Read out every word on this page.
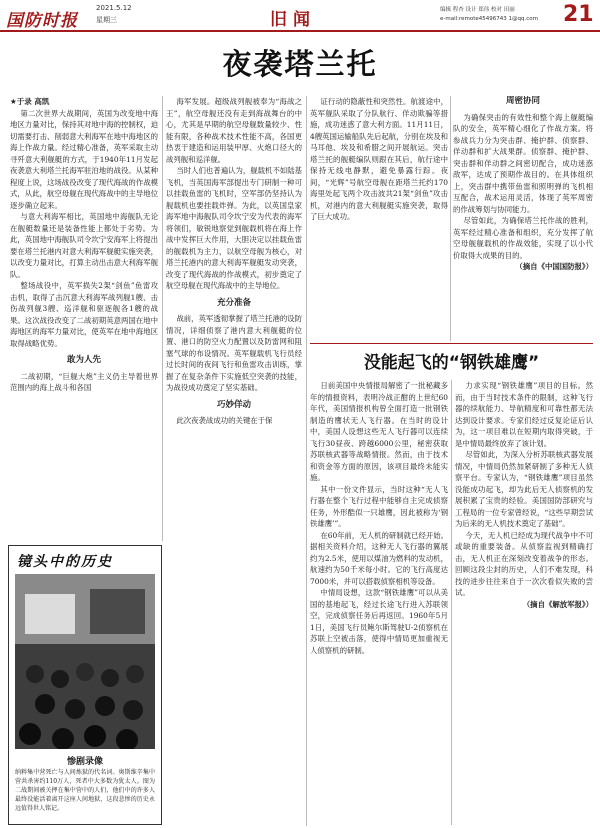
国防时报
2021.5.12
星期三	旧闻	编辑 程杏 设计 郑伟 校对 田丽
e-mail:remote45496743 1@qq.com	21
夜袭塔兰托
★于录 高凯

第二次世界大战期间，英国为改变地中海地区力量对比，保持其对地中海的控制权，迫切需要打击、削弱意大利海军在地中海地区的海上作战力量。经过精心准备，英军采取主动寻歼意大利舰艇的方式，于1940年11月发起夜袭意大利塔兰托海军驻泊地的战役。从某种程度上说，这场战役改变了现代海战的作战模式，从此，航空母舰在现代海战中的主导地位逐步确立起来。

与意大利海军相比，英国地中海舰队无论在舰艇数量还是装备性能上都处于劣势。为此，英国地中海舰队司令坎宁安海军上将提出要在塔兰托港内对意大利海军舰艇实施突袭，以改变力量对比，打算主动出击意大利海军舰队。

整场战役中，英军损失2架“剑鱼”鱼雷攻击机，取得了击沉意大利海军战列舰1艘、击伤战列舰3艘、巡洋舰和驱逐舰各1艘的战果。这次战役改变了二战初期英意两国在地中海地区的海军力量对比，使英军在地中海地区取得战略优势。

敢为人先

二战初期，“巨舰大炮”主义仍主导着世界范围内的海上战斗和各国

海军发展。超级战列舰被奉为“海战之王”，航空母舰还没有走到海战舞台的中心，尤其是早期的航空母舰数量较少、性能有限，各种战术技术性能不高，各国更热衷于建造和运用装甲厚、火炮口径大的战列舰和巡洋舰。

当时人们也普遍认为，舰载机不如陆基飞机，当英国海军部提出专门研制一种可以挂载鱼雷的飞机时，空军部仍坚持认为舰载机也要挂载炸弹。为此，以英国皇家海军地中海舰队司令坎宁安为代表的海军将领们，敏锐地察觉到舰载机将在海上作战中发挥巨大作用，大胆决定以挂载鱼雷的舰载机为主力，以航空母舰为核心，对塔兰托港内的意大利海军舰艇发动突袭，改变了现代海战的作战模式，初步奠定了航空母舰在现代海战中的主导地位。

充分准备

战前，英军透彻掌握了塔兰托港的设防情况，详细侦察了港内意大利舰艇的位置、港口的防空火力配置以及防雷网和阻塞气球的布设情况。英军舰载机飞行员经过长时间的夜间飞行和鱼雷攻击训练，掌握了在复杂条件下实施低空突袭的技能，为战役成功奠定了坚实基础。

巧妙佯动

此次夜袭战成功的关键在于保

证行动的隐蔽性和突然性。航渡途中，英军舰队采取了分队航行、佯动欺骗等措施，成功迷惑了意大利方面。11月11日，4艘英国运输船队先后起航，分别在埃及和马耳他、埃及和希腊之间开展航运。突击塔兰托的舰艇编队则跟在其后，航行途中保持无线电静默，避免暴露行踪。夜间，“光辉”号航空母舰在距塔兰托约170海里处起飞两个攻击波共21架“剑鱼”攻击机，对港内的意大利舰艇实施突袭，取得了巨大成功。

周密协同

为确保突击的有效性和整个海上舰艇编队的安全，英军精心细化了作战方案。将参战兵力分为突击群、掩护群、侦察群、佯动群和扩大战果群。侦察群、掩护群、突击群和佯动群之间密切配合，成功迷惑敌军，达成了预期作战目的。在具体组织上，突击群中携带鱼雷和照明弹的飞机相互配合，战术运用灵活，体现了英军周密的作战筹划与协同能力。

尽管如此，为确保塔兰托作战的胜利，英军经过精心准备和组织，充分发挥了航空母舰舰载机的作战效能，实现了以小代价取得大成果的目的。

（摘自《中国国防报》）
镜头中的历史
惨剧录像
纳粹集中营死亡与人间炼狱的代名词。奥斯维辛集中营共杀害约110万人，死者中大多数为犹太人。图为二战期间被关押在集中营中的人们，他们中的许多人最终没能活着离开这座人间地狱，这段悲惨的历史永远值得世人铭记。
没能起飞的“钢铁雄鹰”

日前美国中央情报局解密了一批秘藏多年的情报资料，表明冷战正酣的上世纪60年代，美国情报机构曾全面打造一批钢铁制造的鹰状无人飞行器。在当时的设计中，美国人设想这些无人飞行器可以连续飞行30昼夜、跨越6000公里，秘密获取苏联核武器等战略情报。然而，由于技术和资金等方面的原因，该项目最终未能实施。

其中一份文件显示，当时这种“无人飞行器在整个飞行过程中能够自主完成侦察任务，外形酷似一只雄鹰，因此被称为‘钢铁雄鹰’”。

在60年前，无人机的研制就已经开始。据相关资料介绍，这种无人飞行器的翼展约为2.5米，使用以煤油为燃料的发动机，航速约为50千米每小时。它的飞行高度达7000米，并可以搭载侦察相机等设备。

中情局设想，这款“钢铁雄鹰”可以从美国的基地起飞，经过长途飞行进入苏联领空，完成侦察任务后再返回。1960年5月1日，美国飞行员鲍尔斯驾驶U-2侦察机在苏联上空被击落，使得中情局更加重视无人侦察机的研制。

力求实现“钢铁雄鹰”项目的目标。然而，由于当时技术条件的限制，这种飞行器的续航能力、导航精度和可靠性都无法达到设计要求。专家们经过反复论证后认为，这一项目难以在短期内取得突破，于是中情局最终放弃了该计划。

尽管如此，为深入分析苏联核武器发展情况，中情局仍然加紧研制了多种无人侦察平台。专家认为，“钢铁雄鹰”项目虽然没能成功起飞，却为此后无人侦察机的发展积累了宝贵的经验。美国国防部研究与工程局的一位专家曾经说，“这些早期尝试为后来的无人机技术奠定了基础”。

今天，无人机已经成为现代战争中不可或缺的重要装备。从侦察监视到精确打击，无人机正在深刻改变着战争的形态。回顾这段尘封的历史，人们不难发现，科技的进步往往来自于一次次看似失败的尝试。

（摘自《解放军报》）
